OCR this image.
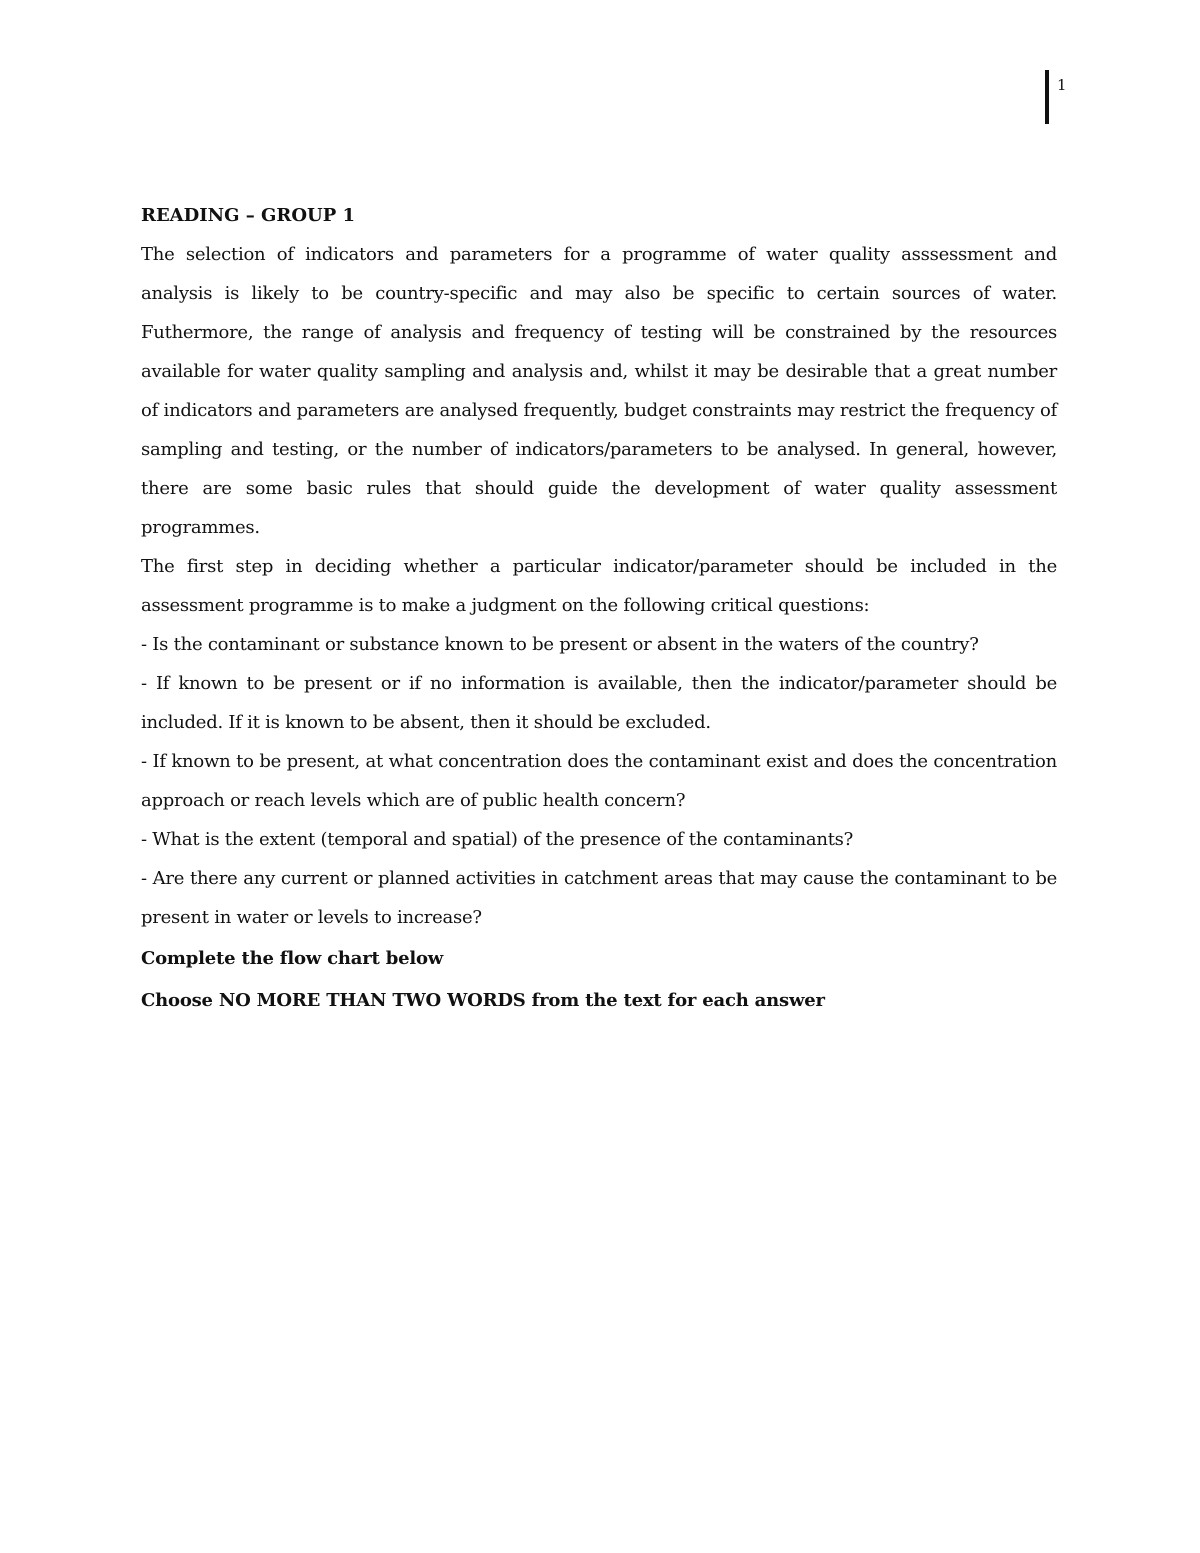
1

READING – GROUP 1

The selection of indicators and parameters for a programme of water quality asssessment and analysis is likely to be country-specific and may also be specific to certain sources of water. Futhermore, the range of analysis and frequency of testing will be constrained by the resources available for water quality sampling and analysis and, whilst it may be desirable that a great number of indicators and parameters are analysed frequently, budget constraints may restrict the frequency of sampling and testing, or the number of indicators/parameters to be analysed. In general, however, there are some basic rules that should guide the development of water quality assessment programmes.

The first step in deciding whether a particular indicator/parameter should be included in the assessment programme is to make a judgment on the following critical questions:

- Is the contaminant or substance known to be present or absent in the waters of the country?

- If known to be present or if no information is available, then the indicator/parameter should be included. If it is known to be absent, then it should be excluded.

- If known to be present, at what concentration does the contaminant exist and does the concentration approach or reach levels which are of public health concern?

- What is the extent (temporal and spatial) of the presence of the contaminants?

- Are there any current or planned activities in catchment areas that may cause the contaminant to be present in water or levels to increase?

Complete the flow chart below

Choose NO MORE THAN TWO WORDS from the text for each answer
